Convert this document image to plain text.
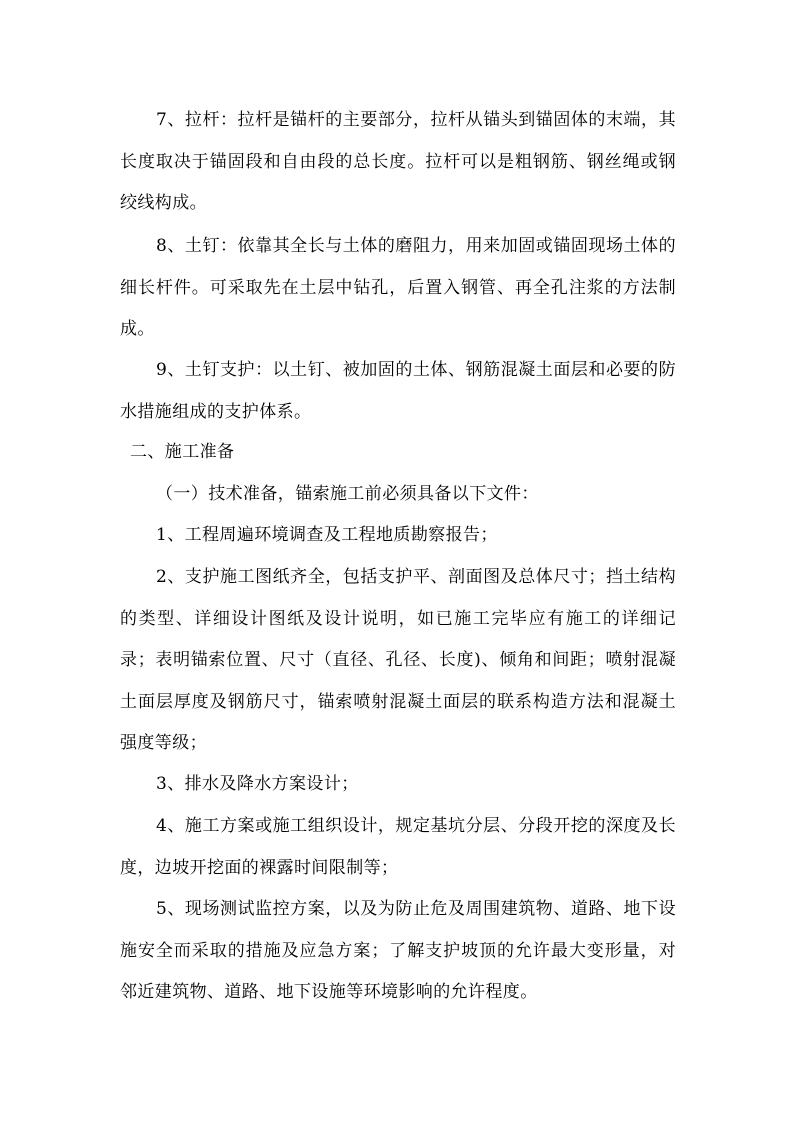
7、拉杆：拉杆是锚杆的主要部分，拉杆从锚头到锚固体的末端，其长度取决于锚固段和自由段的总长度。拉杆可以是粗钢筋、钢丝绳或钢绞线构成。

8、土钉：依靠其全长与土体的磨阻力，用来加固或锚固现场土体的细长杆件。可采取先在土层中钻孔，后置入钢管、再全孔注浆的方法制成。

9、土钉支护：以土钉、被加固的土体、钢筋混凝土面层和必要的防水措施组成的支护体系。

二、施工准备

（一）技术准备，锚索施工前必须具备以下文件：

1、工程周遍环境调查及工程地质勘察报告；

2、支护施工图纸齐全，包括支护平、剖面图及总体尺寸；挡土结构的类型、详细设计图纸及设计说明，如已施工完毕应有施工的详细记录；表明锚索位置、尺寸（直径、孔径、长度)、倾角和间距；喷射混凝土面层厚度及钢筋尺寸，锚索喷射混凝土面层的联系构造方法和混凝土强度等级；

3、排水及降水方案设计；

4、施工方案或施工组织设计，规定基坑分层、分段开挖的深度及长度，边坡开挖面的裸露时间限制等；

5、现场测试监控方案，以及为防止危及周围建筑物、道路、地下设施安全而采取的措施及应急方案；了解支护坡顶的允许最大变形量，对邻近建筑物、道路、地下设施等环境影响的允许程度。
